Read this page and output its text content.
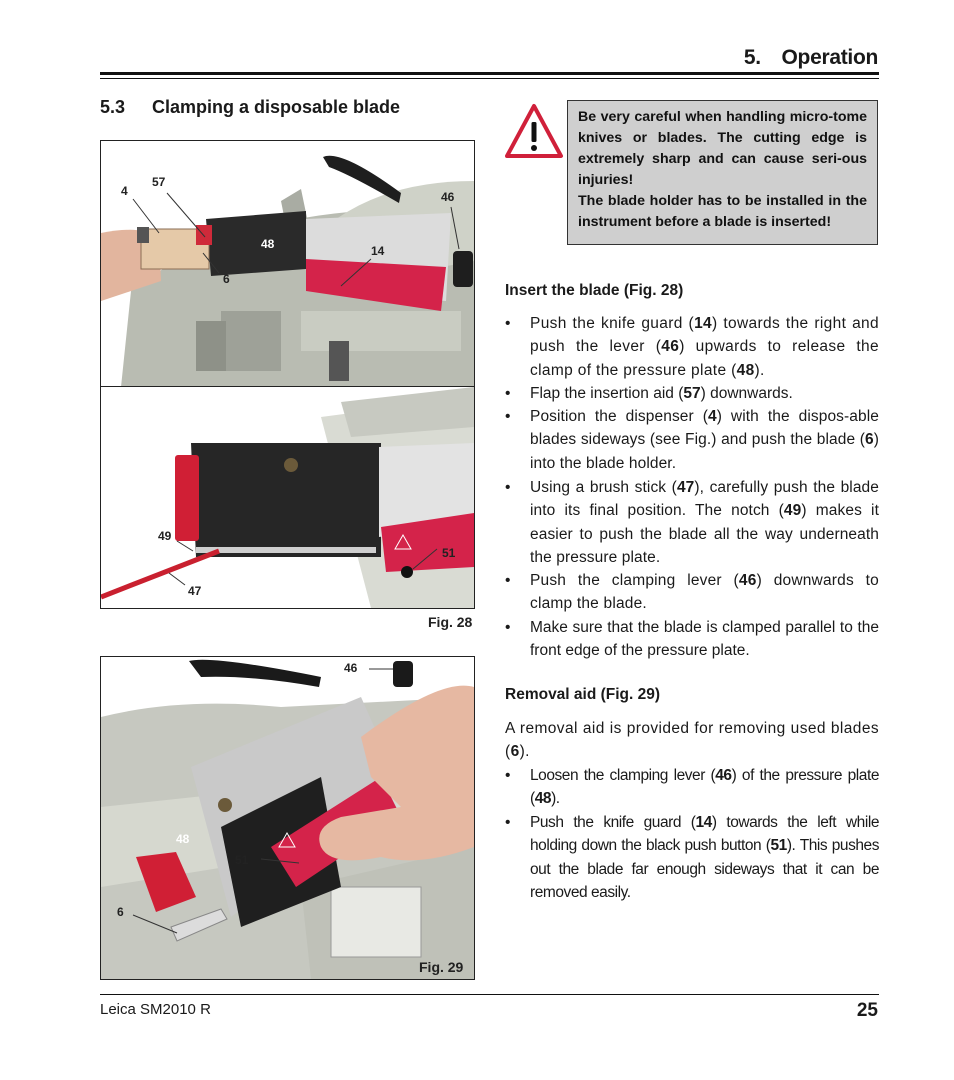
5. Operation
5.3 Clamping a disposable blade
4
57
46
48	14
6
49
51
47
Fig. 28
46
48
51
6
Fig. 29

Be very careful when handling micro-tome knives or blades. The cutting edge is extremely sharp and can cause seri-ous injuries!

The blade holder has to be installed in the instrument before a blade is inserted!

Insert the blade (Fig. 28)
• Push the knife guard (14) towards the right and push the lever (46) upwards to release the clamp of the pressure plate (48).
• Flap the insertion aid (57) downwards.
• Position the dispenser (4) with the dispos-able blades sideways (see Fig.) and push the blade (6) into the blade holder.
• Using a brush stick (47), carefully push the blade into its final position. The notch (49) makes it easier to push the blade all the way underneath the pressure plate.
• Push the clamping lever (46) downwards to clamp the blade.
• Make sure that the blade is clamped parallel to the front edge of the pressure plate.
Removal aid (Fig. 29)
A removal aid is provided for removing used blades (6).
• Loosen the clamping lever (46) of the pressure plate (48).
• Push the knife guard (14) towards the left while holding down the black push button (51). This pushes out the blade far enough sideways that it can be removed easily.
Leica SM2010 R	25
